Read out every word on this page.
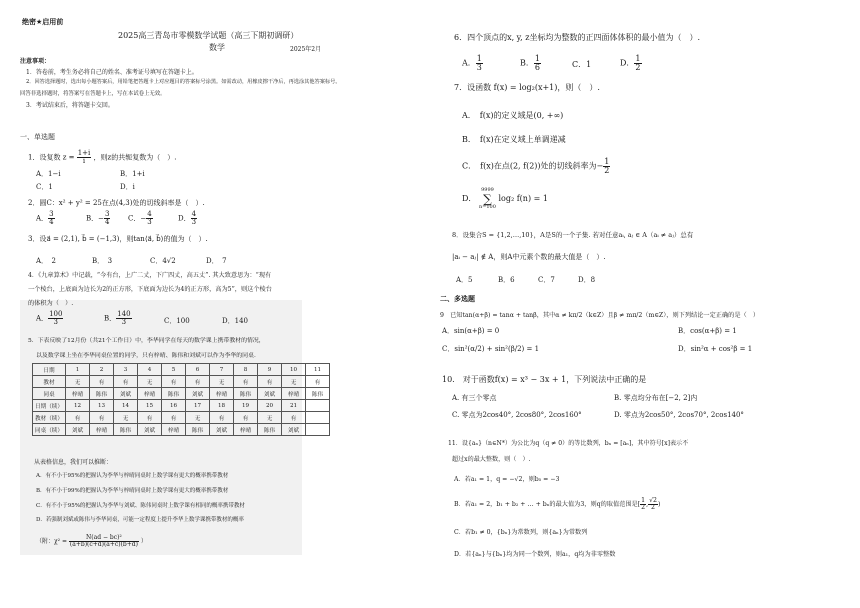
绝密★启用前
2025高三青岛市零模数学试题（高三下期初调研）
数学	2025年2月
注意事项：
1．答卷前，考生务必将自己的姓名、准考证号填写在答题卡上。
2．回答选择题时，选出每小题答案后，用铅笔把答题卡上对应题目的答案标号涂黑。如需改动，用橡皮擦干净后，再选涂其他答案标号。
回答非选择题时，将答案写在答题卡上，写在本试卷上无效。
3．考试结束后，将答题卡交回。
一、单选题
1．设复数 $z = \frac{1+i}{i}$ ，则z的共轭复数为（　）.
A．1−i	B．1+i
C．1	D．i
2．圆C：x² + y² = 25在点(4,3)处的切线斜率是（　）.
A． $\frac{3}{4}$	B．− $\frac{3}{4}$	C．− $\frac{4}{3}$	D． $\frac{4}{3}$
3．设a⃗ = (2,1), b⃗ = (−1,3)，则tan⟨a⃗, b⃗⟩的值为（　）.
A．　2	B．　3	C．4√2	D．　7
4．《九章算术》中记载，“今有台，上广二丈，下广四丈，高五丈”. 其大致意思为：“现有
一个棱台，上底面为边长为2的正方形，下底面为边长为4的正方形，高为5”，则这个棱台
的体积为（　）.
A． $\frac{100}{3}$	B． $\frac{140}{3}$	C．100	D．140
5．下表反映了12月份（共21个工作日）中，李华同学在每天的数学课上携带教材的情况，
以及数学课上坐在李华同桌位置的同学，只有梓晴、陈伟和刘斌可以作为李华的同桌.
日期	1	2	3	4	5	6	7	8	9	10	11
教材	无	有	有	无	有	有	无	有	有	无	有
同桌	梓晴	陈伟	刘斌	梓晴	陈伟	刘斌	梓晴	陈伟	刘斌	梓晴	陈伟
日期（续）	12	13	14	15	16	17	18	19	20	21	
教材（续）	有	有	无	有	有	无	有	有	无	有	
同桌（续）	刘斌	梓晴	陈伟	刘斌	梓晴	陈伟	刘斌	梓晴	陈伟	刘斌	
从表格信息，我们可以推断：
A．有不小于95%的把握认为李华与梓晴同桌时上数学课有更大的概率携带教材
B．有不小于99%的把握认为李华与梓晴同桌时上数学课有更大的概率携带教材
C．有不小于95%的把握认为李华与刘斌、陈伟同桌时上数学课有相同的概率携带教材
D．若强制刘斌或陈伟与李华同桌，可能一定程度上提升李华上数学课携带教材的概率
（附：$\chi^2 = \frac{\text{N(ad − bc)²}}{(a+b)(c+d)(a+c)(b+d)}$ ）
6．四个顶点的x, y, z坐标均为整数的正四面体体积的最小值为（　）.
A． $\frac{1}{3}$	B． $\frac{1}{6}$	C．1	D． $\frac{1}{2}$
7．设函数 f(x) = log₂(x+1)，则（　）.
A．　f(x)的定义域是(0, +∞)
B．　f(x)在定义域上单调递减
C．　f(x)在点(2, f(2))处的切线斜率为− $\frac{1}{2}$
D．
9999
∑
n=100
log₂ f(n) = 1
8．设集合S = {1,2,…,10}，A是S的一个子集. 若对任意aᵢ, aⱼ ∈ A（aᵢ ≠ aⱼ）总有
|aᵢ − aⱼ| ∉ A，则A中元素个数的最大值是（　）.
A．5	B．6	C．7	D．8
二、多选题
9　已知tan(α+β) = tanα + tanβ，其中α ≠ kπ/2（k∈Z）且β ≠ mπ/2（m∈Z），则下列结论一定正确的是（　）
A．sin(α+β) = 0	B．cos(α+β) = 1
C．sin²(α/2) + sin²(β/2) = 1	D．sin²α + cos²β = 1
10.　对于函数f(x) = x³ − 3x + 1，下列说法中正确的是
A. 有三个零点	B. 零点均分布在[−2, 2]内
C. 零点为2cos40°, 2cos80°, 2cos160°	D. 零点为2cos50°, 2cos70°, 2cos140°
11．设{aₙ}（n∈N*）为公比为q（q ≠ 0）的等比数列，bₙ = [aₙ]，其中符号[x]表示不
超过x的最大整数，则（　）.
A．若a₁ = 1，q = −√2，则b₅ = −3
B．若a₁ = 2，b₁ + b₂ + … + bₙ的最大值为3，则q的取值范围是[ $\frac{1}{2}$ , $\frac{√2}{2}$ )
C．若b₁ ≠ 0，{bₙ}为常数列，则{aₙ}为常数列
D．若{aₙ}与{bₙ}均为同一个数列，则a₁，q均为非零整数
